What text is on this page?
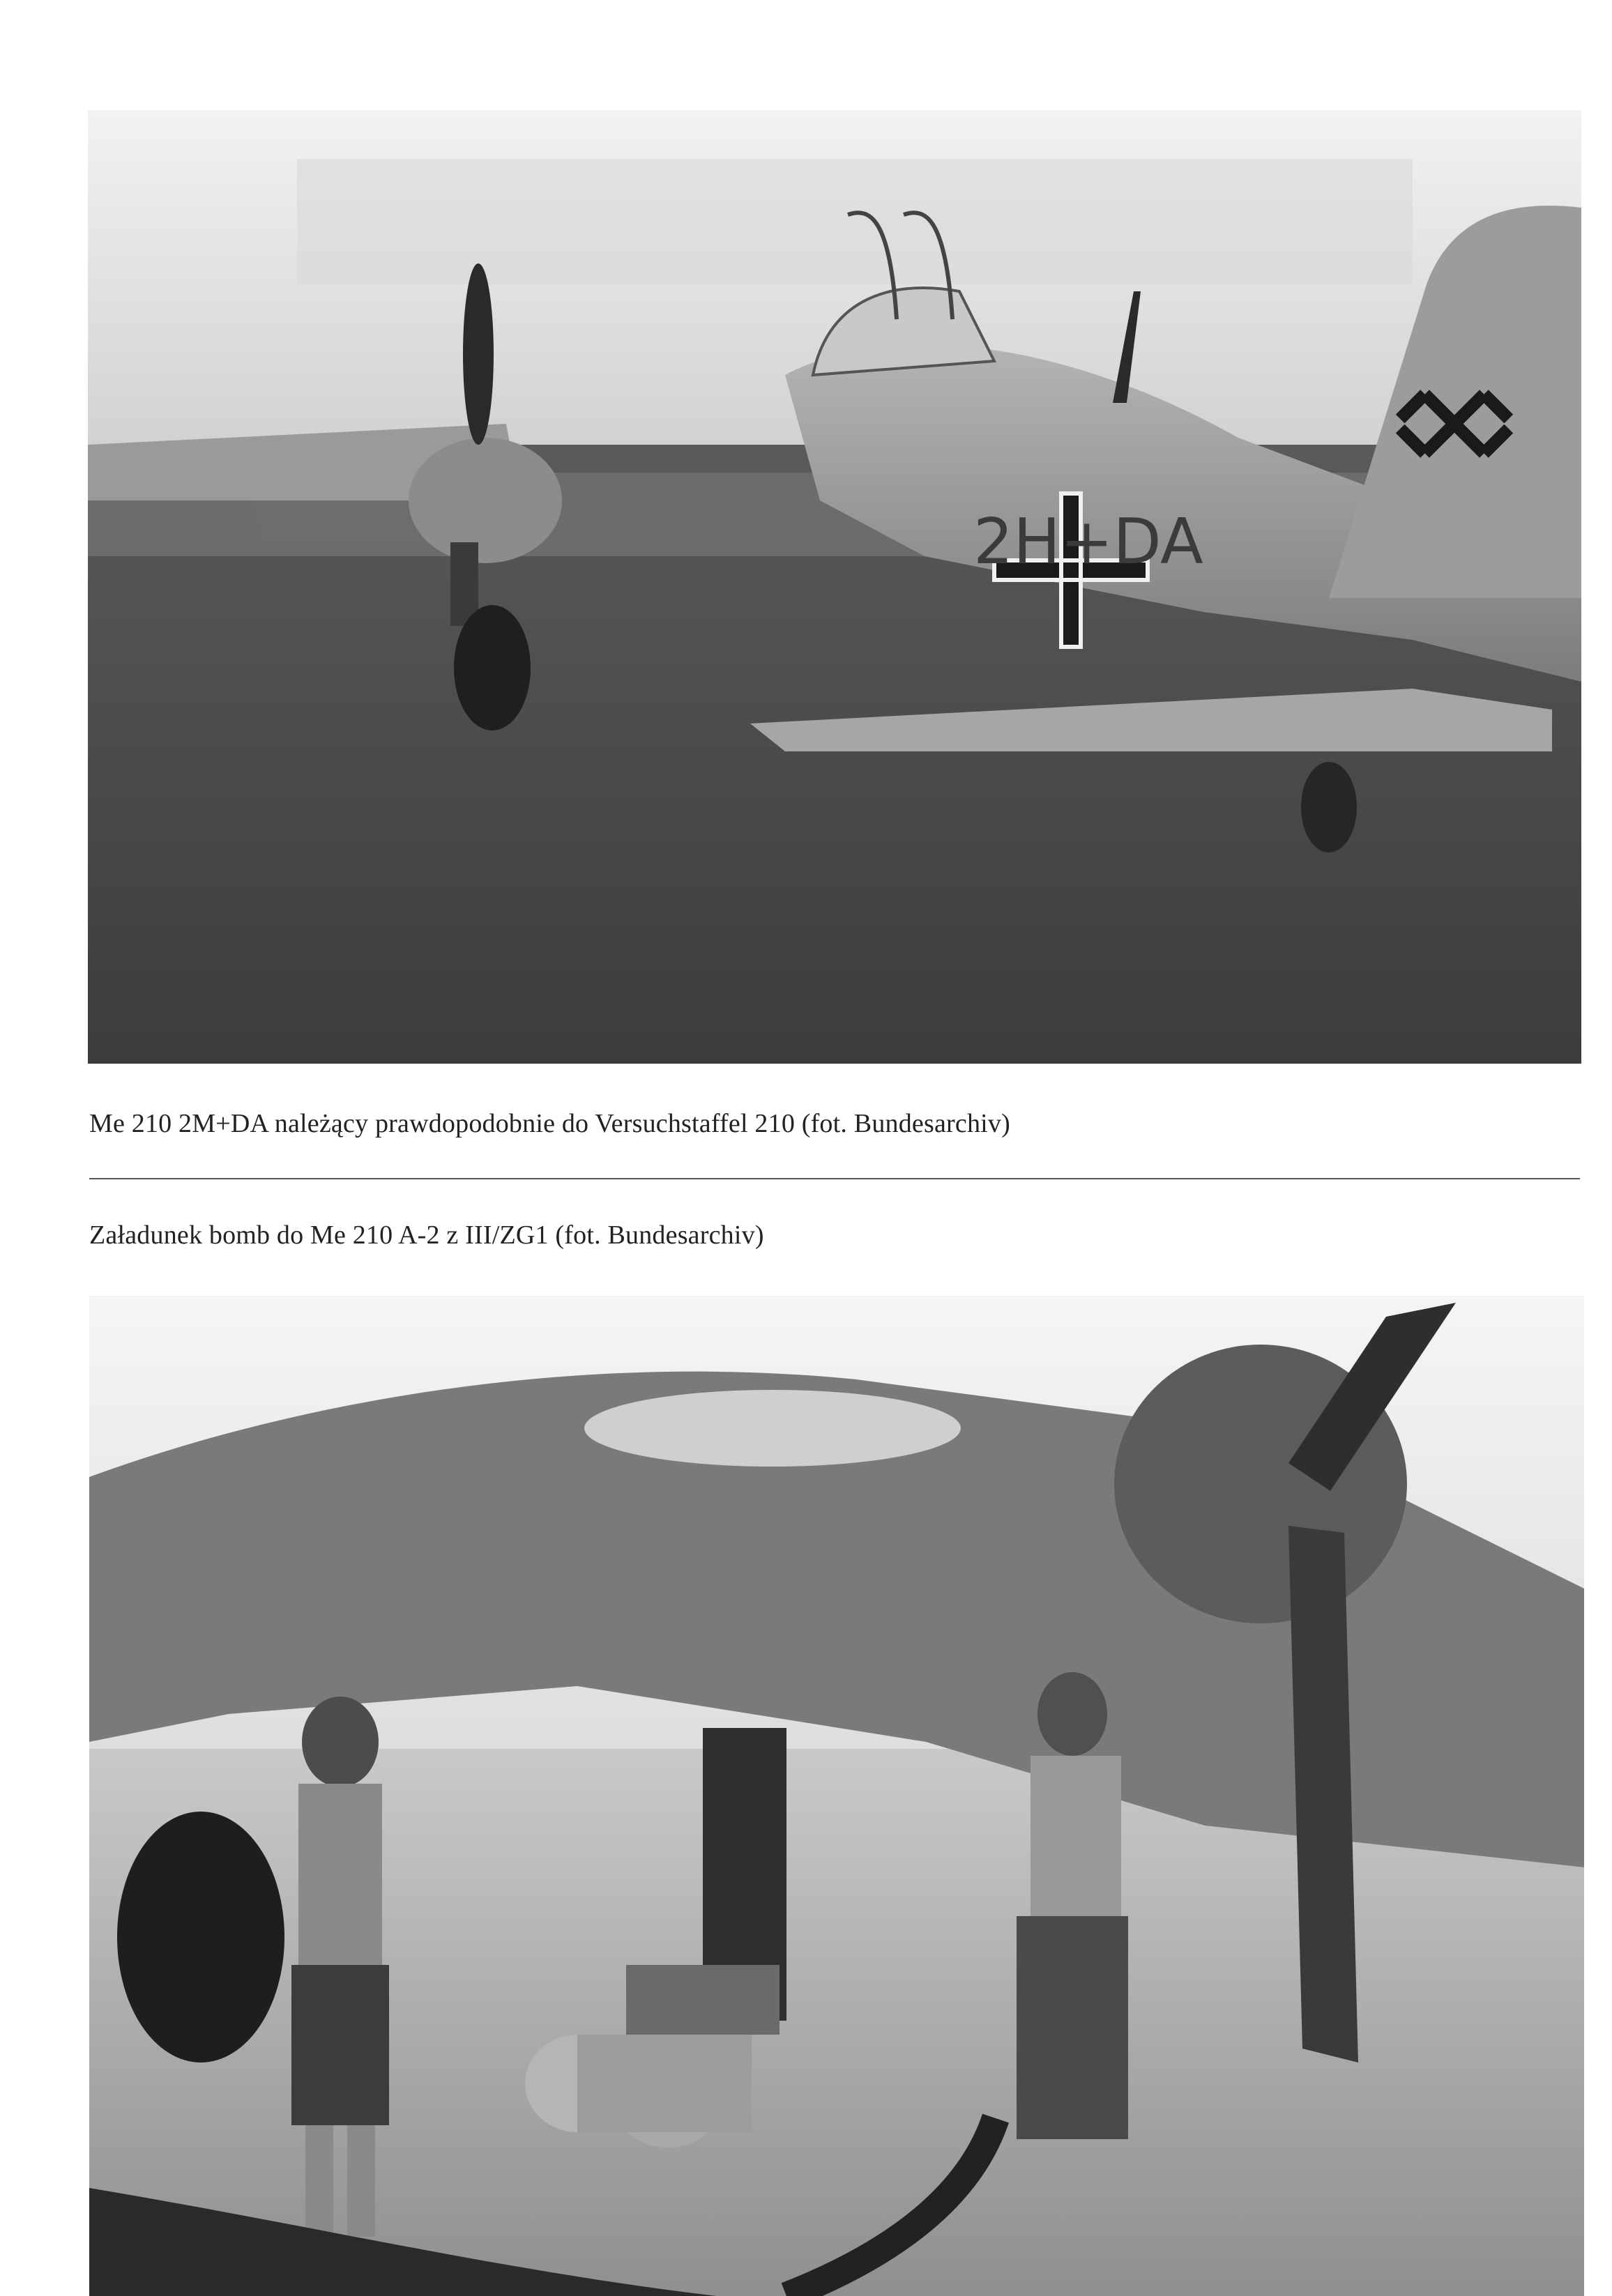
2H+DA
Me 210 2M+DA należący prawdopodobnie do Versuchstaffel 210 (fot. Bundesarchiv)
Załadunek bomb do Me 210 A-2 z III/ZG1 (fot. Bundesarchiv)
